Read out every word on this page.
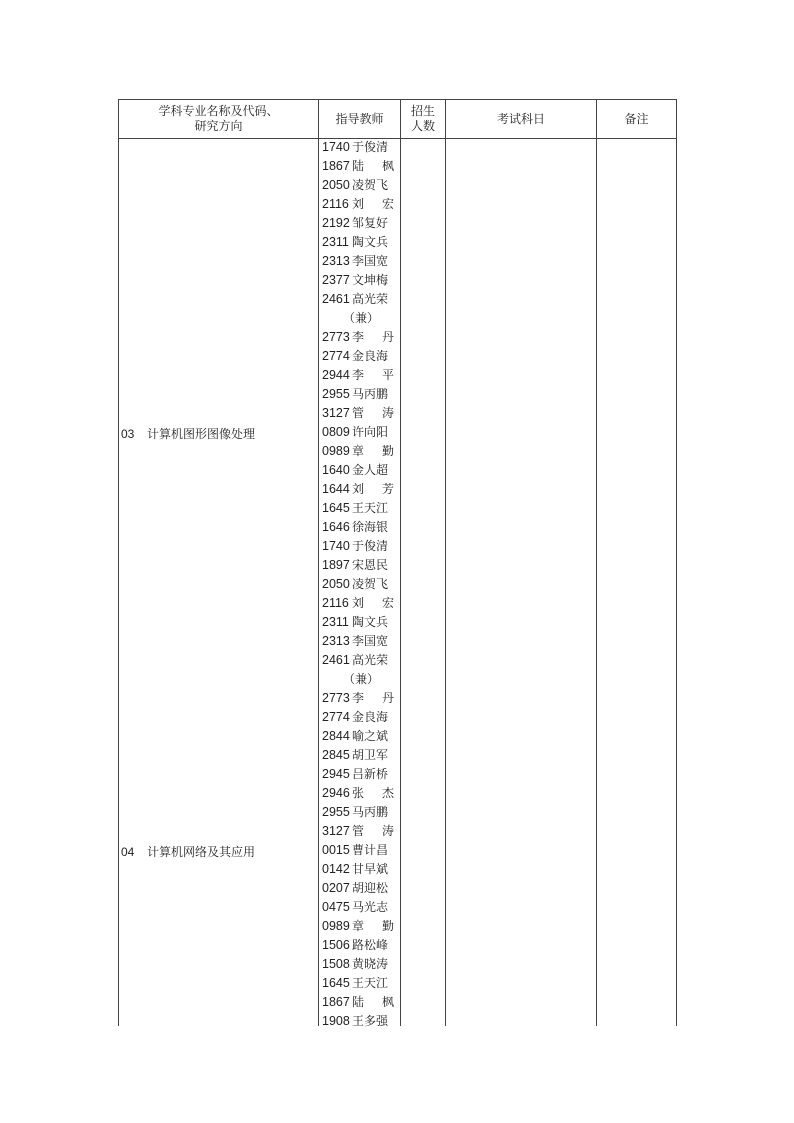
学科专业名称及代码、
研究方向
指导教师
招生
人数
考试科日	备注
03 计算机图形图像处理
04 计算机网络及其应用
1740 于俊清
1867 陆 枫
2050 凌贺飞
2116 刘 宏
2192 邹复好
2311 陶文兵
2313 李国宽
2377 文坤梅
2461 高光荣
（兼）
2773 李 丹
2774 金良海
2944 李 平
2955 马丙鹏
3127 管 涛
0809 许向阳
0989 章 勤
1640 金人超
1644 刘 芳
1645 王天江
1646 徐海银
1740 于俊清
1897 宋恩民
2050 凌贺飞
2116 刘 宏
2311 陶文兵
2313 李国宽
2461 高光荣
（兼）
2773 李 丹
2774 金良海
2844 喻之斌
2845 胡卫军
2945 吕新桥
2946 张 杰
2955 马丙鹏
3127 管 涛
0015 曹计昌
0142 甘早斌
0207 胡迎松
0475 马光志
0989 章 勤
1506 路松峰
1508 黄晓涛
1645 王天江
1867 陆 枫
1908 王多强
